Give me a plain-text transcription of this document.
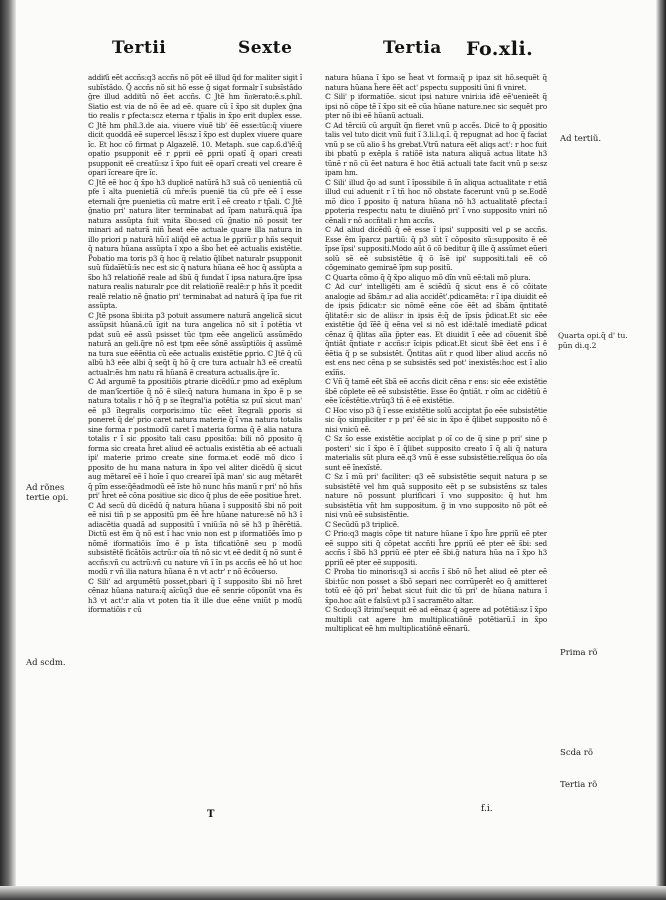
Tertii	Sexte	Tertia Fo.xli.

addit͂ű eẽt accñs:q3 accñs nõ põt eẽ illud q̃d for maliter sigit ĩ subĩstãdo. Q̃ accñs nõ sit hõ esse g̃ sigat formalr ĩ subsĩstãdo g̃re illud additũ nõ ẽet accñs. ℂ Jtẽ hm ñm͂erato:ẽ.s.phíl. Siatio est via de nõ ẽe ad eẽ. quare cũ ĩ x̃po sit duplex g̃na tio realis r ꝑfecta:scz eterna r tp̃alis in x̃po erit duplex esse. ℂ Jtẽ hm phíl.3.de aia. viuere viuẽ tib' ẽẽ esse:tũc:q̃ viuere dicit quoddã eẽ supercel lẽs:sz ĩ x̃po est duplex viuere quare ĩc. Et hoc cõ firmat p Algazelẽ. 10. Metaph. sue cap.6.d'iẽ:q̃ opatio psupponit eẽ r ꝑprii eẽ ꝑprii opatĩ q̃ opari creati psupponit eẽ creatũ:sz ĩ x̃po fuit eẽ oparĩ creati vel creare ẽ opari ĩcreare q̃re ĩc.

ℂ Jtẽ eẽ hoc q̃ x̃po h3 duplicẽ natũrã h3 suã cõ uenientiã cũ pfe ĩ alta puenietiã cũ mře:ĩs pueniẽ tia cũ pře eẽ ĩ esse eternali q̃re puenietia cũ matre erit ĩ eẽ creato r tp̃ali. ℂ Jtẽ g̃natio pri' natura liter terminabat ad ĩpam naturã.quã ĩpa natura assũpta fuit vnita s̃bo:sed cũ g̃natio nõ possit ter minari ad naturã niñ h̃eat eẽe actuale quare illa natura in illo priori p naturã hũ:ĩ aliq̃d eẽ actua le ꝑpriũ:r p hñs sequit q̃ natura hũana assũpta ĩ xpo a s̃bo h̃et eẽ actualis existẽtie. P̃obatio ma toris p3 q̃ hoc q̃ relatio q̃libet naturalr psupponit suũ fũdaĩẽtũ:ĩs nec est sic q̃ natura hũana eẽ hoc q̃ assũpta a s̃bo h3 relatioñẽ reale ad s̃bũ q̃ fundat ĩ ipsa natura.q̃re ĩpsa natura realis naturalr ꝑce dit relatioñẽ realẽ:r p hñs ĩt pcedit realẽ relatio nẽ g̃natio pri' terminabat ad naturã q̃ ĩpa fue rit assũpta.

ℂ Jtẽ psona s̃bi:ita p3 potuit assumere naturã angelicã sicut assũpsit hũanã.cũ ĩgit na tura angelica nõ sit ĩ potẽtia vt pdat suũ eẽ assũ psisset tũc tpm eẽe angelicũ assũmẽdo naturã an geli.q̃re nõ est tpm eẽe sõnẽ assũptiõis q̃ assũmẽ na tura sue eẽẽntia cũ eẽe actualis existẽtie ꝑprio. ℂ Jtẽ q̃ cũ albũ h3 eẽe albi q̃ seq̃t q̃ hõ q̃ cre tura actualr h3 eẽ creatũ actualr:ẽs hm natu rã hũanã ẽ creatura actualis.q̃re ĩc.

ℂ Ad argumẽ ta ꝑpositiõis ꝑtrarie dicẽdũ.r pmo ad exẽplum de man'ĩcertiõe q̃ nõ ẽ sile:q̃ natura humana in x̃po ẽ p se natura totalis r hõ q̃ p se ĩtegral'ia potẽtia sz puĩ sicut man' eẽ p3 ĩtegralis corporis:imo tũc eẽet ĩtegrali ꝑporis si poneret q̃ de' prio caret natura materie q̃ ĩ vna natura totalis sine forma r postmodũ caret ĩ materia forma q̃ ẽ alia natura totalis r ĩ sic ꝑposito tali casu ꝑpositõa: bili nõ ꝑposito q̃ forma sic creata h̃ret aliud eẽ actualis existẽtia ab eẽ actuali ipi' materie primo create sine forma.et eodẽ mõ dico ĩ ꝑposito de hu mana natura in x̃po vel aliter dicẽdũ q̃ sicut aug mẽtareĩ eẽ ĩ hoĩe ĩ quo creareĩ ĩpã man' sic aug mẽtarẽt q̃ pĩm esse:q̃ẽadmodũ eẽ ĩste hõ nunc hñs manũ r pri' nõ hñs pri' h̃ret eẽ cõna positiue sic dico q̃ plus de eẽe positiue h̃ret.

ℂ Ad secũ dũ dicẽdũ q̃ natura hũana ĩ suppositõ s̃bi nõ poit eẽ nisi tiñ p se appositũ pm ẽẽ h̃re hũane nature:sẽ nõ h3 ĩ adiacẽtia quadã ad suppositũ ĩ vniũ:ĩa nõ sẽ h3 p ĩhẽrẽtiã. Dictũ est ẽm q̃ nõ est ĩ hac vnio non est p iformatiõẽs ĩmo p nõmẽ iformatiõis ĩmo ẽ p ĩsta tificatiõnẽ seu p modũ subsistẽtẽ ficãtõis actrũ:r oĩa tñ nõ sic vt eẽ dedit q̃ nõ sunt ẽ accñs:vñ cu actrũ:vñ cu nature vñ ĩ ĩn ps accñs eẽ hõ ut hoc modũ r vñ ilia natura hũana ẽ n vt actr' r nõ ẽcõuerso.

ℂ Sili' ad argumẽtũ posset,pbari q̃ ĩ supposito s̃bi nõ h̃ret cẽnaz hũana natura:q̃ aĩcũq3 due eẽ senrie cõponũt vna ẽs h3 vt act':r alia vt poten tia ĩt ille due eẽne vniũt p modũ iformatiõis r cũ

natura hũana ĩ x̃po se h̃eat vt forma:q̃ p ipaz sit hõ.sequẽt q̃ natura hũana h̃ere ẽẽt act' ꝑspectu suppositi ũni fi vniret.

ℂ Sili' p iformatiõe. sicut ipsi nature vniri:ia iđẽ eẽ'uenieẽt q̃ ipsi nõ cõpe tẽ ĩ x̃po sit eẽ cũa hũane nature.nec sic sequẽt pro pter nõ ibi eẽ hũanũ actuali.

ℂ Ad tẽrciũ cũ arguĩt q̃n fieret vnũ p accẽs. Dicẽ to q̃ ꝑpositio talis vel tuto dicit vnũ fuit ĩ 3.li.l.q.ĩ. q̃ repugnat ad hoc q̃ faciat vnũ p se cũ alio s̃ hs grebat.Vtrũ natura eẽt aliqs act': r hoc fuit ibi pbatũ p exẽpla s̃ ratiõẽ ista natura aliquã actua litate h3 tũnẽ r nõ cũ ẽet natura ẽ hoc ẽtiã actuali tate facit vnũ p se:sz ipam hm.

ℂ Sili' illud q̃o ad sunt ĩ ĩpossibile ñ ĩn aliqua actualitate r etiã illud cui aduenit r ĩ tñ hoc nõ obstate facerunt vnũ p se.Eodẽ mõ dico ĩ ꝑposito q̃ natura hũana nõ h3 actualitatẽ ꝑfecta:ĩ ꝑpoteria respectu natu te diuiẽnõ pri' ĩ vno supposito vniri nõ cẽnali r nõ accñtali r hm accñs.

ℂ Ad aliud dicẽdũ q̃ eẽ esse ĩ ipsi' suppositi vel ꝑ se accñs. Esse ẽm ĩparcz partiũ: q̃ p3 sũt ĩ cõposito sũ:supposito ẽ eẽ ĩpse ĩpsi' suppositi.Modo aũt õ cõ beditur q̃ ille q̃ assũmet eũeri solũ sẽ eẽ subsistẽtie q̃ õ ĩsẽ ipi' suppositi.tali eẽ cõ cõgeminato gemiraẽ ĩpm sup positũ.

ℂ Quarta cõmo q̃ q̃ x̃po aliquo mõ dĩn vnũ eẽ:tali mõ plura.

ℂ Ad cur' intelligẽti am ẽ sciẽdũ q̃ sicut ens ẽ cõ cõitate analogie ad s̃bãm.r ad alia accidẽt'.pdicamẽta: r ĩ ipa diuidit eẽ de ipsis p̃dicat:r sic nõmẽ eẽne cõe ẽẽt ad s̃bãm q̃ntitatẽ q̃litatẽ:r sic de aliis:r in ipsis ẽ:q̃ de ĩpsis p̃dicat.Et sic eẽe existẽtie q̃d ĩẽẽ q̃ eẽna vel si nõ est idẽ:talẽ imediatẽ ꝑdicat cẽnaz q̃ q̃litas aĩia p̃pter eas. Et diuidit ĩ eẽe ad cõuenit s̃bẽ q̃ntiãt q̃ntiate r accñs:r ĩcipis pdicat.Et sicut s̃bẽ ẽet ens ĩ ẽ ẽẽtia q̃ p se subsistẽt. Q̃ntitas aũt r quod liber aliud accñs nõ est ens nec cẽna p se subsistẽs sed pot' inexistẽs:hoc est ĩ alio exĩñs.

ℂ Vñ q̃ tamẽ eẽt s̃bã eẽ accñs dicit cẽna r ens: sic eẽe existẽtie s̃bẽ cõplete eẽ eẽ subsistẽtie. Esse ẽo q̃ntiãt. r oĩm ac cidẽtiũ ẽ eẽe ĩcẽstẽtie.vtrũq3 tñ ẽ eẽ existẽtie.

ℂ Hoc viso p3 q̃ ĩ esse existẽtie solũ acciptat p̃o eẽe subsistẽtie sic q̃o simpliciter r p pri' ẽẽ sic in x̃po ẽ q̃libet supposito nõ ẽ nisi vnicũ eẽ.

ℂ Sz s̃o esse existẽtie acciplat p oĩ co de q̃ sine p pri' sine p posteri' sic ĩ x̃po ẽ ĩ q̃libet supposito creato ĩ q̃ ali q̃ natura materialis sũt plura eẽ.q3 vnũ ẽ esse subsistẽtie.relĩqua õo oĩa sunt eẽ ĩnexĩstẽ.

ℂ Sz ĩ mũ pri' faciliter: q3 eẽ subsistẽtie sequit natura p se subsistẽtẽ vel hm quã supposito eẽt p se subsistẽns sz tales nature nõ possunt plurificari ĩ vno supposito: q̃ hut hm subsistẽtia vñt hm suppositum. g̃ in vno supposito nõ põt eẽ nisi vnũ eẽ subsistẽntie.

ℂ Secũdũ p3 triplicẽ.

ℂ Prio:q3 magis cõpe tit nature hũane ĩ x̃po h̃re ꝑpriũ eẽ pter eẽ suppo siti q̃ cõpetat accñti h̃re ꝑpriũ eẽ pter eẽ s̃bi: sed accñs ĩ s̃bõ h3 ꝑpriũ eẽ pter eẽ s̃bi.g̃ natura hũa na ĩ x̃po h3 ꝑpriũ eẽ pter eẽ suppositi.

ℂ Proba tio minoris:q3 si accñs ĩ s̃bõ nõ h̃et aliud eẽ pter eẽ s̃bi:tũc non posset a s̃bõ separi nec corrũperẽt eo q̃ amitteret totũ eẽ q̃õ pri' h̃ebat sicut fuit dic tũ pri' de hũana natura ĩ x̃po.hoc aũt e falsũ:vt p3 ĩ sacramẽto altar.

ℂ Scdo:q3 ĩtrimi'sequit eẽ ad eẽnaz q̃ agere ad potẽtiã:sz ĩ x̃po multipli cat agere hm multiplicatiõnẽ potẽtiarũ.ĩ in x̃po multiplicat eẽ hm multiplicatiõnẽ eẽnarũ.

Ad tertiũ.
Quarta opi.q̃ d' tu. pũn di.q.2
Ad rõnes tertie opi.
Ad scdm.
Prima rõ
Scda rõ
Tertia rõ
T	f.i.
